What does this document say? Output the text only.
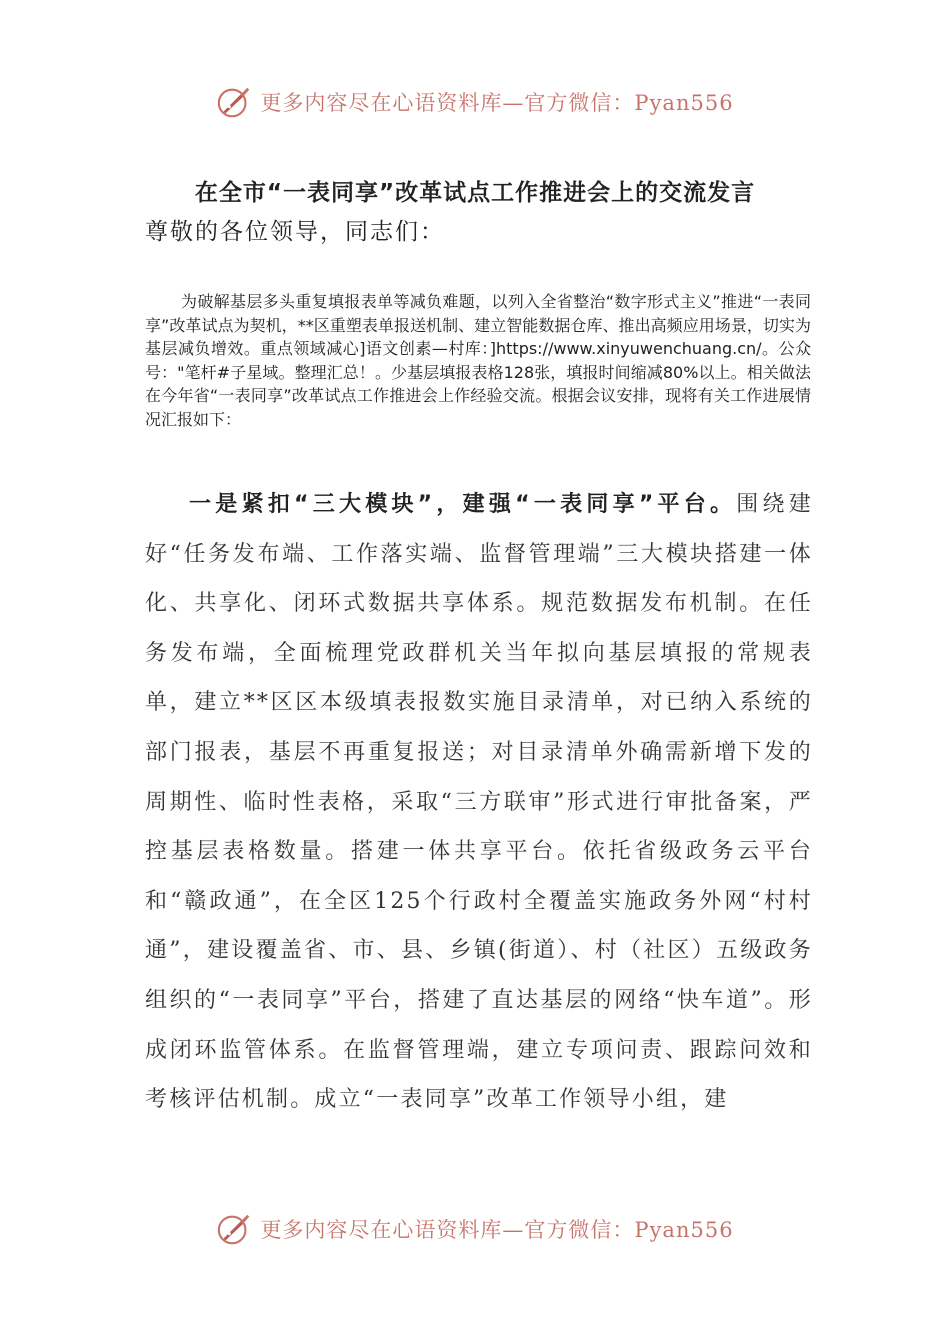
更多内容尽在心语资料库—官方微信：Pyan556
在全市“一表同享”改革试点工作推进会上的交流发言

尊敬的各位领导，同志们：

为破解基层多头重复填报表单等减负难题，以列入全省整治“数字形式主义”推进“一表同享”改革试点为契机，**区重塑表单报送机制、建立智能数据仓库、推出高频应用场景，切实为基层减负增效。重点领域减心]语文创素—村库：]https://www.xinyuwenchuang.cn/。公众号："笔杆#子星域。整理汇总！。少基层填报表格128张，填报时间缩减80%以上。相关做法在今年省“一表同享”改革试点工作推进会上作经验交流。根据会议安排，现将有关工作进展情况汇报如下：

一是紧扣“三大模块”，建强“一表同享”平台。围绕建好“任务发布端、工作落实端、监督管理端”三大模块搭建一体化、共享化、闭环式数据共享体系。规范数据发布机制。在任务发布端，全面梳理党政群机关当年拟向基层填报的常规表单，建立**区区本级填表报数实施目录清单，对已纳入系统的部门报表，基层不再重复报送；对目录清单外确需新增下发的周期性、临时性表格，采取“三方联审”形式进行审批备案，严控基层表格数量。搭建一体共享平台。依托省级政务云平台和“赣政通”，在全区125个行政村全覆盖实施政务外网“村村通”，建设覆盖省、市、县、乡镇(街道）、村（社区）五级政务组织的“一表同享”平台，搭建了直达基层的网络“快车道”。形成闭环监管体系。在监督管理端，建立专项问责、跟踪问效和考核评估机制。成立“一表同享”改革工作领导小组，建

更多内容尽在心语资料库—官方微信：Pyan556
